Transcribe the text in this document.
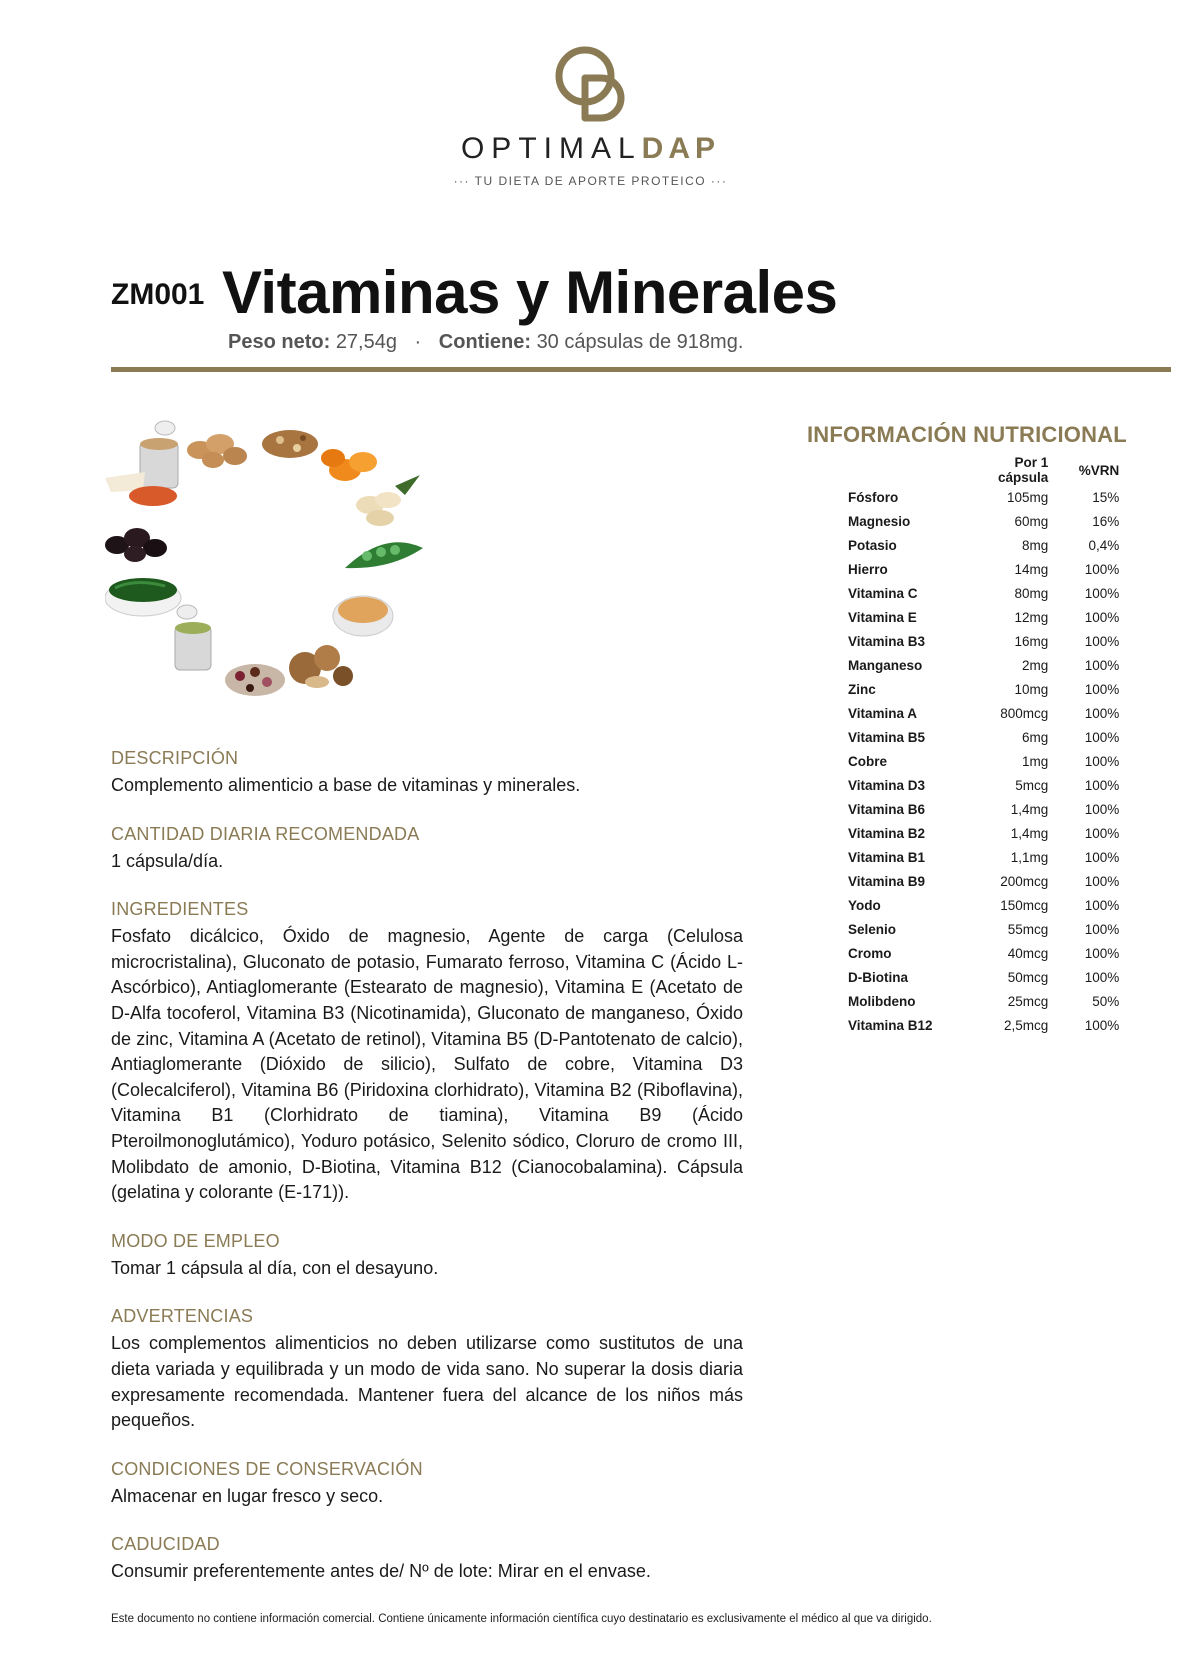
OPTIMALDAP
··· TU DIETA DE APORTE PROTEICO ···
ZM001 Vitaminas y Minerales
Peso neto: 27,54g · Contiene: 30 cápsulas de 918mg.
DESCRIPCIÓN

Complemento alimenticio a base de vitaminas y minerales.

CANTIDAD DIARIA RECOMENDADA

1 cápsula/día.

INGREDIENTES

Fosfato dicálcico, Óxido de magnesio, Agente de carga (Celulosa microcristalina), Gluconato de potasio, Fumarato ferroso, Vitamina C (Ácido L-Ascórbico), Antiaglomerante (Estearato de magnesio), Vitamina E (Acetato de D-Alfa tocoferol, Vitamina B3 (Nicotinamida), Gluconato de manganeso, Óxido de zinc, Vitamina A (Acetato de retinol), Vitamina B5 (D-Pantotenato de calcio), Antiaglomerante (Dióxido de silicio), Sulfato de cobre, Vitamina D3 (Colecalciferol), Vitamina B6 (Piridoxina clorhidrato), Vitamina B2 (Riboflavina), Vitamina B1 (Clorhidrato de tiamina), Vitamina B9 (Ácido Pteroilmonoglutámico), Yoduro potásico, Selenito sódico, Cloruro de cromo III, Molibdato de amonio, D-Biotina, Vitamina B12 (Cianocobalamina). Cápsula (gelatina y colorante (E-171)).

MODO DE EMPLEO

Tomar 1 cápsula al día, con el desayuno.

ADVERTENCIAS

Los complementos alimenticios no deben utilizarse como sustitutos de una dieta variada y equilibrada y un modo de vida sano. No superar la dosis diaria expresamente recomendada. Mantener fuera del alcance de los niños más pequeños.

CONDICIONES DE CONSERVACIÓN

Almacenar en lugar fresco y seco.

CADUCIDAD

Consumir preferentemente antes de/ Nº de lote: Mirar en el envase.

INFORMACIÓN NUTRICIONAL
	Por 1 cápsula	%VRN
Fósforo	105mg	15%
Magnesio	60mg	16%
Potasio	8mg	0,4%
Hierro	14mg	100%
Vitamina C	80mg	100%
Vitamina E	12mg	100%
Vitamina B3	16mg	100%
Manganeso	2mg	100%
Zinc	10mg	100%
Vitamina A	800mcg	100%
Vitamina B5	6mg	100%
Cobre	1mg	100%
Vitamina D3	5mcg	100%
Vitamina B6	1,4mg	100%
Vitamina B2	1,4mg	100%
Vitamina B1	1,1mg	100%
Vitamina B9	200mcg	100%
Yodo	150mcg	100%
Selenio	55mcg	100%
Cromo	40mcg	100%
D-Biotina	50mcg	100%
Molibdeno	25mcg	50%
Vitamina B12	2,5mcg	100%
Este documento no contiene información comercial. Contiene únicamente información científica cuyo destinatario es exclusivamente el médico al que va dirigido.
